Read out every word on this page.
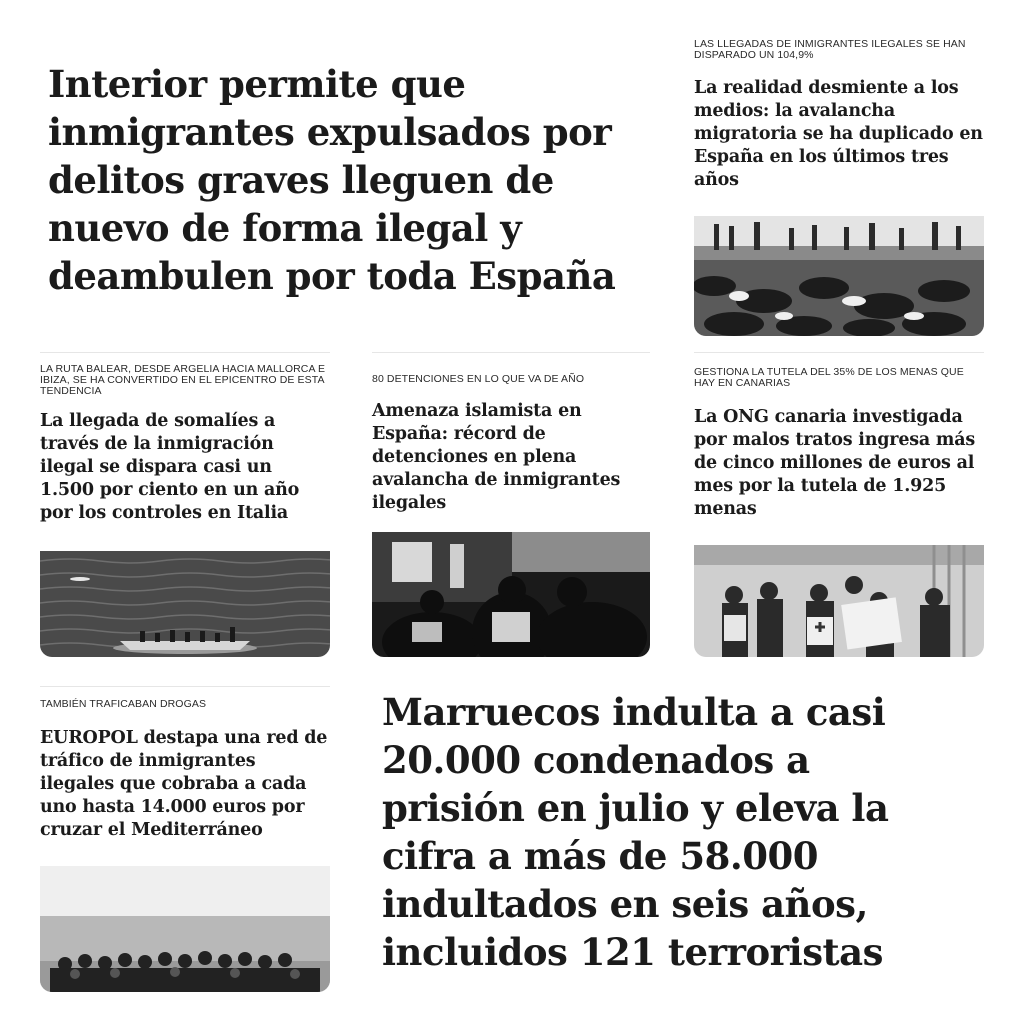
Interior permite que inmigrantes expulsados por delitos graves lleguen de nuevo de forma ilegal y deambulen por toda España
LAS LLEGADAS DE INMIGRANTES ILEGALES SE HAN DISPARADO UN 104,9%
La realidad desmiente a los medios: la avalancha migratoria se ha duplicado en España en los últimos tres años
LA RUTA BALEAR, DESDE ARGELIA HACIA MALLORCA E IBIZA, SE HA CONVERTIDO EN EL EPICENTRO DE ESTA TENDENCIA
La llegada de somalíes a través de la inmigración ilegal se dispara casi un 1.500 por ciento en un año por los controles en Italia
80 DETENCIONES EN LO QUE VA DE AÑO
Amenaza islamista en España: récord de detenciones en plena avalancha de inmigrantes ilegales
GESTIONA LA TUTELA DEL 35% DE LOS MENAS QUE HAY EN CANARIAS
La ONG canaria investigada por malos tratos ingresa más de cinco millones de euros al mes por la tutela de 1.925 menas
TAMBIÉN TRAFICABAN DROGAS
EUROPOL destapa una red de tráfico de inmigrantes ilegales que cobraba a cada uno hasta 14.000 euros por cruzar el Mediterráneo
Marruecos indulta a casi 20.000 condenados a prisión en julio y eleva la cifra a más de 58.000 indultados en seis años, incluidos 121 terroristas
